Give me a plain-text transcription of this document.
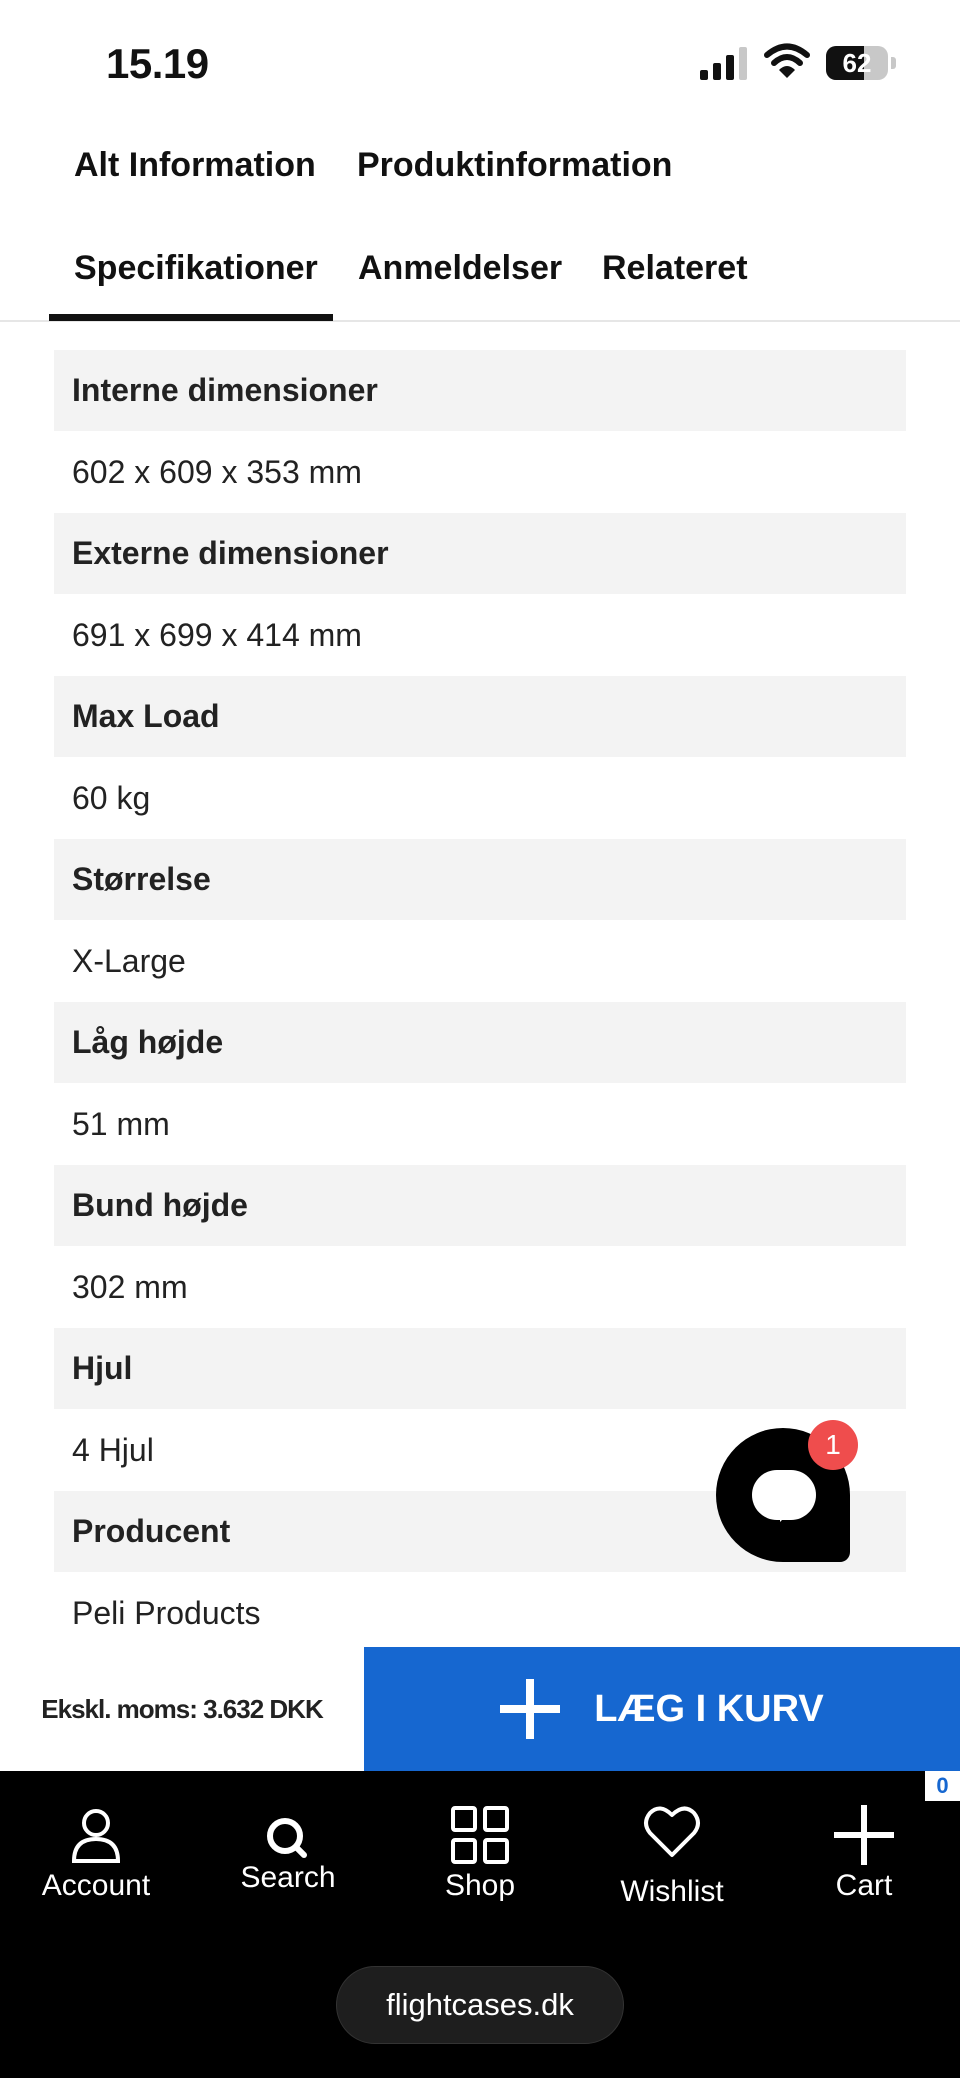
15.19	62
Alt Information Produktinformation
Specifikationer Anmeldelser Relateret
Interne dimensioner
602 x 609 x 353 mm
Externe dimensioner
691 x 699 x 414 mm
Max Load
60 kg
Størrelse
X-Large
Låg højde
51 mm
Bund højde
302 mm
Hjul
4 Hjul
Producent
Peli Products
1
Ekskl. moms: 3.632 DKK	LÆG I KURV
Account	Search	Shop	Wishlist	Cart
0
flightcases.dk
